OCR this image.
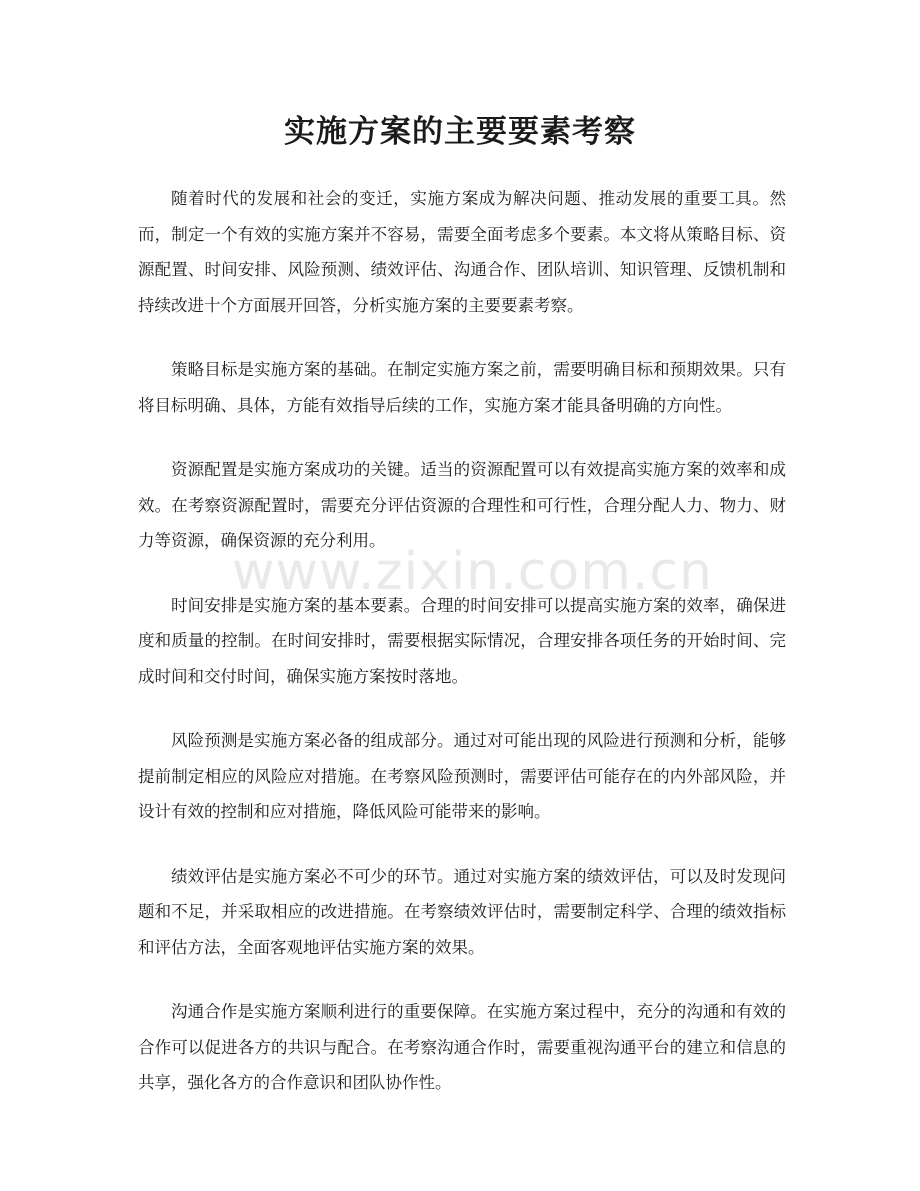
www.zixin.com.cn
实施方案的主要要素考察

随着时代的发展和社会的变迁，实施方案成为解决问题、推动发展的重要工具。然而，制定一个有效的实施方案并不容易，需要全面考虑多个要素。本文将从策略目标、资源配置、时间安排、风险预测、绩效评估、沟通合作、团队培训、知识管理、反馈机制和持续改进十个方面展开回答，分析实施方案的主要要素考察。

策略目标是实施方案的基础。在制定实施方案之前，需要明确目标和预期效果。只有将目标明确、具体，方能有效指导后续的工作，实施方案才能具备明确的方向性。

资源配置是实施方案成功的关键。适当的资源配置可以有效提高实施方案的效率和成效。在考察资源配置时，需要充分评估资源的合理性和可行性，合理分配人力、物力、财力等资源，确保资源的充分利用。

时间安排是实施方案的基本要素。合理的时间安排可以提高实施方案的效率，确保进度和质量的控制。在时间安排时，需要根据实际情况，合理安排各项任务的开始时间、完成时间和交付时间，确保实施方案按时落地。

风险预测是实施方案必备的组成部分。通过对可能出现的风险进行预测和分析，能够提前制定相应的风险应对措施。在考察风险预测时，需要评估可能存在的内外部风险，并设计有效的控制和应对措施，降低风险可能带来的影响。

绩效评估是实施方案必不可少的环节。通过对实施方案的绩效评估，可以及时发现问题和不足，并采取相应的改进措施。在考察绩效评估时，需要制定科学、合理的绩效指标和评估方法，全面客观地评估实施方案的效果。

沟通合作是实施方案顺利进行的重要保障。在实施方案过程中，充分的沟通和有效的合作可以促进各方的共识与配合。在考察沟通合作时，需要重视沟通平台的建立和信息的共享，强化各方的合作意识和团队协作性。
